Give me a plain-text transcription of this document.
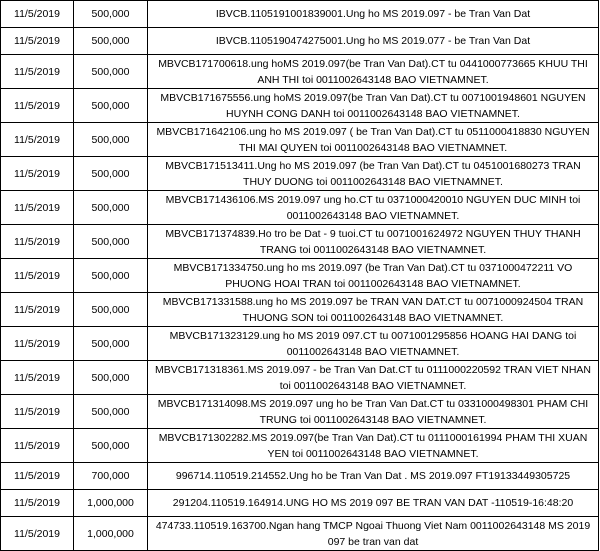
11/5/2019	500,000	IBVCB.1105191001839001.Ung ho MS 2019.097 - be Tran Van Dat
11/5/2019	500,000	IBVCB.1105190474275001.Ung ho MS 2019.077 - be Tran Van Dat
11/5/2019	500,000	MBVCB171700618.ung hoMS 2019.097(be Tran Van Dat).CT tu 0441000773665 KHUU THI ANH THI toi 0011002643148 BAO VIETNAMNET.
11/5/2019	500,000	MBVCB171675556.ung hoMS 2019.097(be Tran Van Dat).CT tu 0071001948601 NGUYEN HUYNH CONG DANH toi 0011002643148 BAO VIETNAMNET.
11/5/2019	500,000	MBVCB171642106.ung ho MS 2019.097 ( be Tran Van Dat).CT tu 0511000418830 NGUYEN THI MAI QUYEN toi 0011002643148 BAO VIETNAMNET.
11/5/2019	500,000	MBVCB171513411.Ung ho MS 2019.097 (be Tran Van Dat).CT tu 0451001680273 TRAN THUY DUONG toi 0011002643148 BAO VIETNAMNET.
11/5/2019	500,000	MBVCB171436106.MS 2019.097 ung ho.CT tu 0371000420010 NGUYEN DUC MINH toi 0011002643148 BAO VIETNAMNET.
11/5/2019	500,000	MBVCB171374839.Ho tro be Dat - 9 tuoi.CT tu 0071001624972 NGUYEN THUY THANH TRANG toi 0011002643148 BAO VIETNAMNET.
11/5/2019	500,000	MBVCB171334750.ung ho ms 2019.097 (be Tran Van Dat).CT tu 0371000472211 VO PHUONG HOAI TRAN toi 0011002643148 BAO VIETNAMNET.
11/5/2019	500,000	MBVCB171331588.ung ho MS 2019.097 be TRAN VAN DAT.CT tu 0071000924504 TRAN THUONG SON toi 0011002643148 BAO VIETNAMNET.
11/5/2019	500,000	MBVCB171323129.ung ho MS 2019 097.CT tu 0071001295856 HOANG HAI DANG toi 0011002643148 BAO VIETNAMNET.
11/5/2019	500,000	MBVCB171318361.MS 2019.097 - be Tran Van Dat.CT tu 0111000220592 TRAN VIET NHAN toi 0011002643148 BAO VIETNAMNET.
11/5/2019	500,000	MBVCB171314098.MS 2019.097 ung ho be Tran Van Dat.CT tu 0331000498301 PHAM CHI TRUNG toi 0011002643148 BAO VIETNAMNET.
11/5/2019	500,000	MBVCB171302282.MS 2019.097(be Tran Van Dat).CT tu 0111000161994 PHAM THI XUAN YEN toi 0011002643148 BAO VIETNAMNET.
11/5/2019	700,000	996714.110519.214552.Ung ho be Tran Van Dat . MS 2019.097 FT19133449305725
11/5/2019	1,000,000	291204.110519.164914.UNG HO MS 2019 097 BE TRAN VAN DAT -110519-16:48:20
11/5/2019	1,000,000	474733.110519.163700.Ngan hang TMCP Ngoai Thuong Viet Nam 0011002643148 MS 2019 097 be tran van dat
